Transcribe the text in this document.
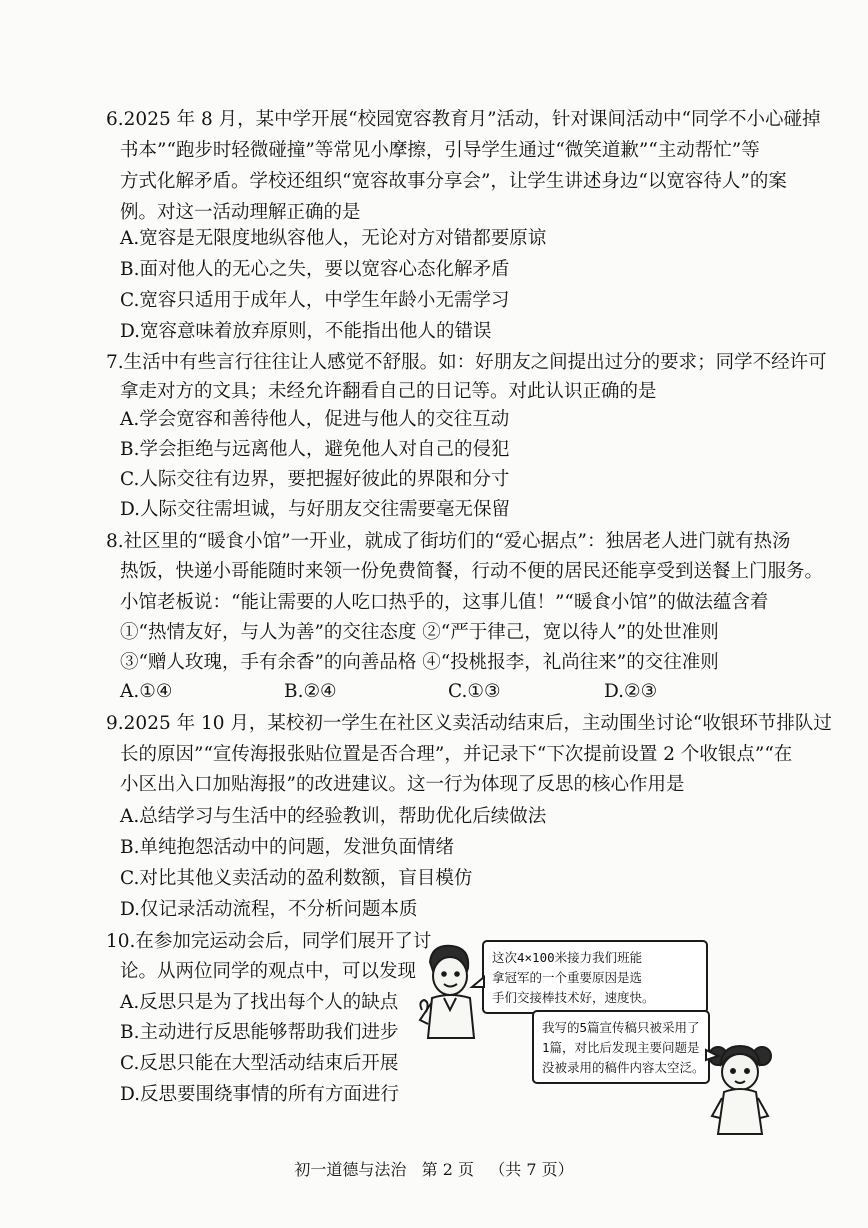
6.2025 年 8 月，某中学开展“校园宽容教育月”活动，针对课间活动中“同学不小心碰掉
书本”“跑步时轻微碰撞”等常见小摩擦，引导学生通过“微笑道歉”“主动帮忙”等
方式化解矛盾。学校还组织“宽容故事分享会”，让学生讲述身边“以宽容待人”的案
例。对这一活动理解正确的是
A.宽容是无限度地纵容他人，无论对方对错都要原谅
B.面对他人的无心之失，要以宽容心态化解矛盾
C.宽容只适用于成年人，中学生年龄小无需学习
D.宽容意味着放弃原则，不能指出他人的错误
7.生活中有些言行往往让人感觉不舒服。如：好朋友之间提出过分的要求；同学不经许可
拿走对方的文具；未经允许翻看自己的日记等。对此认识正确的是
A.学会宽容和善待他人，促进与他人的交往互动
B.学会拒绝与远离他人，避免他人对自己的侵犯
C.人际交往有边界，要把握好彼此的界限和分寸
D.人际交往需坦诚，与好朋友交往需要毫无保留
8.社区里的“暖食小馆”一开业，就成了街坊们的“爱心据点”：独居老人进门就有热汤
热饭，快递小哥能随时来领一份免费简餐，行动不便的居民还能享受到送餐上门服务。
小馆老板说：“能让需要的人吃口热乎的，这事儿值！”“暖食小馆”的做法蕴含着
①“热情友好，与人为善”的交往态度 ②“严于律己，宽以待人”的处世准则
③“赠人玫瑰，手有余香”的向善品格 ④“投桃报李，礼尚往来”的交往准则
A.①④	B.②④	C.①③	D.②③
9.2025 年 10 月，某校初一学生在社区义卖活动结束后，主动围坐讨论“收银环节排队过
长的原因”“宣传海报张贴位置是否合理”，并记录下“下次提前设置 2 个收银点”“在
小区出入口加贴海报”的改进建议。这一行为体现了反思的核心作用是
A.总结学习与生活中的经验教训，帮助优化后续做法
B.单纯抱怨活动中的问题，发泄负面情绪
C.对比其他义卖活动的盈利数额，盲目模仿
D.仅记录活动流程，不分析问题本质
10.在参加完运动会后，同学们展开了讨
论。从两位同学的观点中，可以发现
A.反思只是为了找出每个人的缺点
B.主动进行反思能够帮助我们进步
C.反思只能在大型活动结束后开展
D.反思要围绕事情的所有方面进行
这次4×100米接力我们班能
拿冠军的一个重要原因是选
手们交接棒技术好，速度快。
我写的5篇宣传稿只被采用了
1篇，对比后发现主要问题是
没被录用的稿件内容太空泛。
初一道德与法治   第 2 页   （共 7 页）
